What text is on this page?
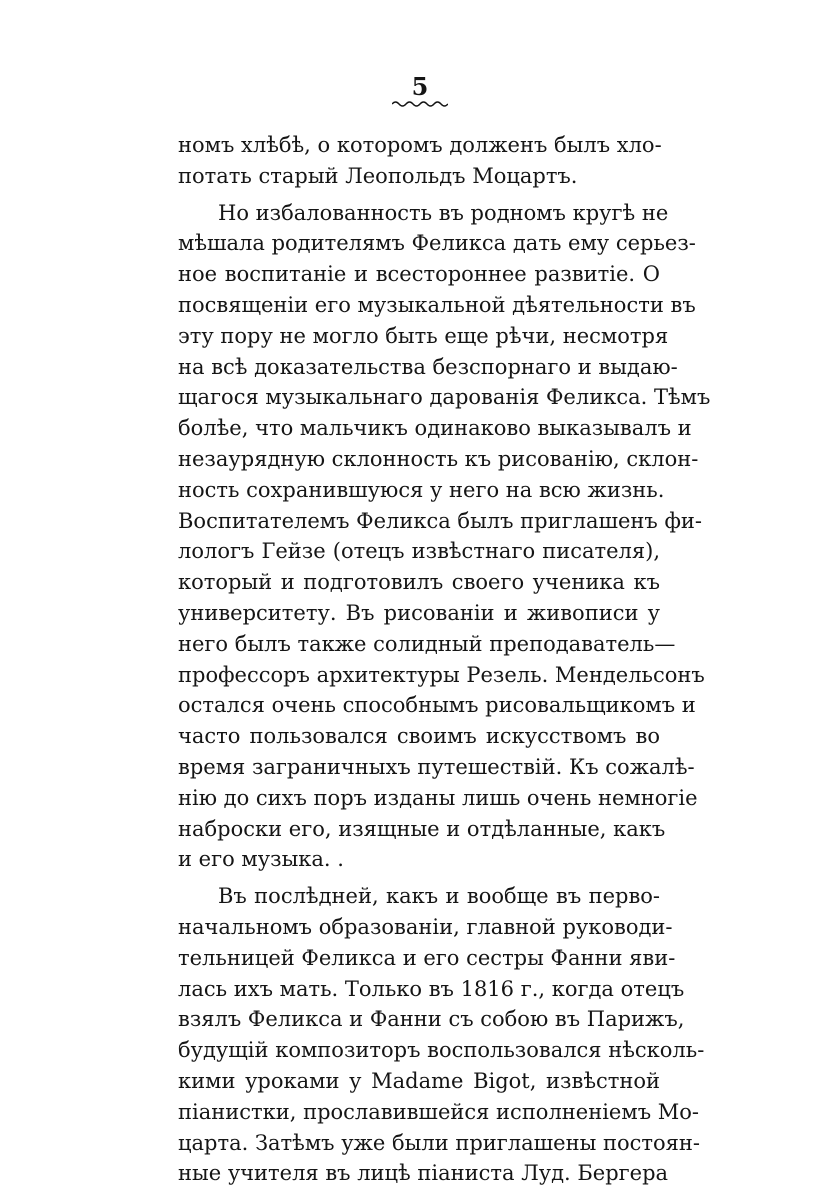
5
номъ хлѣбѣ, о которомъ долженъ былъ хло-
потать старый Леопольдъ Моцартъ.
Но избалованность въ родномъ кругѣ не
мѣшала родителямъ Феликса дать ему серьез-
ное воспитаніе и всестороннее развитіе. О
посвященіи его музыкальной дѣятельности въ
эту пору не могло быть еще рѣчи, несмотря
на всѣ доказательства безспорнаго и выдаю-
щагося музыкальнаго дарованія Феликса. Тѣмъ
болѣе, что мальчикъ одинаково выказывалъ и
незаурядную склонность къ рисованію, склон-
ность сохранившуюся у него на всю жизнь.
Воспитателемъ Феликса былъ приглашенъ фи-
лологъ Гейзе (отецъ извѣстнаго писателя),
который и подготовилъ своего ученика къ
университету. Въ рисованіи и живописи у
него былъ также солидный преподаватель—
профессоръ архитектуры Резель. Мендельсонъ
остался очень способнымъ рисовальщикомъ и
часто пользовался своимъ искусствомъ во
время заграничныхъ путешествій. Къ сожалѣ-
нію до сихъ поръ изданы лишь очень немногіе
наброски его, изящные и отдѣланные, какъ
и его музыка. .
Въ послѣдней, какъ и вообще въ перво-
начальномъ образованіи, главной руководи-
тельницей Феликса и его сестры Фанни яви-
лась ихъ мать. Только въ 1816 г., когда отецъ
взялъ Феликса и Фанни съ собою въ Парижъ,
будущій композиторъ воспользовался нѣсколь-
кими уроками у Madame Bigot, извѣстной
піанистки, прославившейся исполненіемъ Мо-
царта. Затѣмъ уже были приглашены постоян-
ные учителя въ лицѣ піаниста Луд. Бергера
